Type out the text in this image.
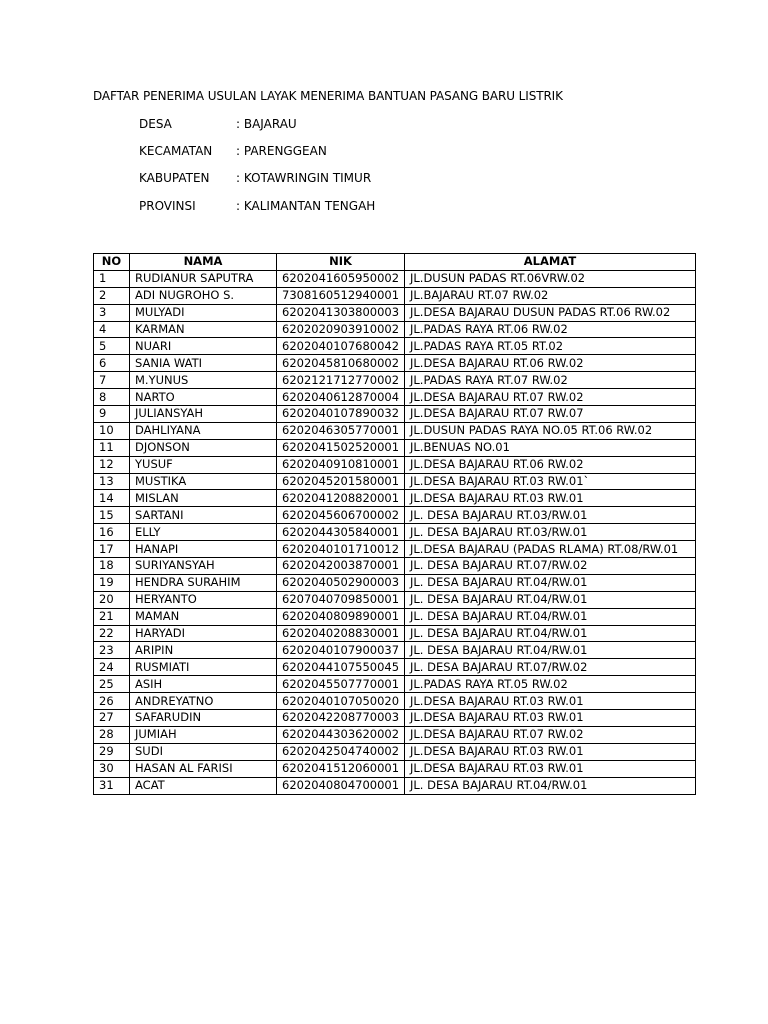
DAFTAR PENERIMA USULAN LAYAK MENERIMA BANTUAN PASANG BARU LISTRIK
DESA	: BAJARAU
KECAMATAN : PARENGGEAN
KABUPATEN : KOTAWRINGIN TIMUR
PROVINSI	: KALIMANTAN TENGAH
NO	NAMA	NIK	ALAMAT
1	RUDIANUR SAPUTRA	6202041605950002	JL.DUSUN PADAS RT.06VRW.02
2	ADI NUGROHO S.	7308160512940001	JL.BAJARAU RT.07 RW.02
3	MULYADI	6202041303800003	JL.DESA BAJARAU DUSUN PADAS RT.06 RW.02
4	KARMAN	6202020903910002	JL.PADAS RAYA RT.06 RW.02
5	NUARI	6202040107680042	JL.PADAS RAYA RT.05 RT.02
6	SANIA WATI	6202045810680002	JL.DESA BAJARAU RT.06 RW.02
7	M.YUNUS	6202121712770002	JL.PADAS RAYA RT.07 RW.02
8	NARTO	6202040612870004	JL.DESA BAJARAU RT.07 RW.02
9	JULIANSYAH	6202040107890032	JL.DESA BAJARAU RT.07 RW.07
10	DAHLIYANA	6202046305770001	JL.DUSUN PADAS RAYA NO.05 RT.06 RW.02
11	DJONSON	6202041502520001	JL.BENUAS NO.01
12	YUSUF	6202040910810001	JL.DESA BAJARAU RT.06 RW.02
13	MUSTIKA	6202045201580001	JL.DESA BAJARAU RT.03 RW.01`
14	MISLAN	6202041208820001	JL.DESA BAJARAU RT.03 RW.01
15	SARTANI	6202045606700002	JL. DESA BAJARAU RT.03/RW.01
16	ELLY	6202044305840001	JL. DESA BAJARAU RT.03/RW.01
17	HANAPI	6202040101710012	JL.DESA BAJARAU (PADAS RLAMA) RT.08/RW.01
18	SURIYANSYAH	6202042003870001	JL. DESA BAJARAU RT.07/RW.02
19	HENDRA SURAHIM	6202040502900003	JL. DESA BAJARAU RT.04/RW.01
20	HERYANTO	6207040709850001	JL. DESA BAJARAU RT.04/RW.01
21	MAMAN	6202040809890001	JL. DESA BAJARAU RT.04/RW.01
22	HARYADI	6202040208830001	JL. DESA BAJARAU RT.04/RW.01
23	ARIPIN	6202040107900037	JL. DESA BAJARAU RT.04/RW.01
24	RUSMIATI	6202044107550045	JL. DESA BAJARAU RT.07/RW.02
25	ASIH	6202045507770001	JL.PADAS RAYA RT.05 RW.02
26	ANDREYATNO	6202040107050020	JL.DESA BAJARAU RT.03 RW.01
27	SAFARUDIN	6202042208770003	JL.DESA BAJARAU RT.03 RW.01
28	JUMIAH	6202044303620002	JL.DESA BAJARAU RT.07 RW.02
29	SUDI	6202042504740002	JL.DESA BAJARAU RT.03 RW.01
30	HASAN AL FARISI	6202041512060001	JL.DESA BAJARAU RT.03 RW.01
31	ACAT	6202040804700001	JL. DESA BAJARAU RT.04/RW.01
